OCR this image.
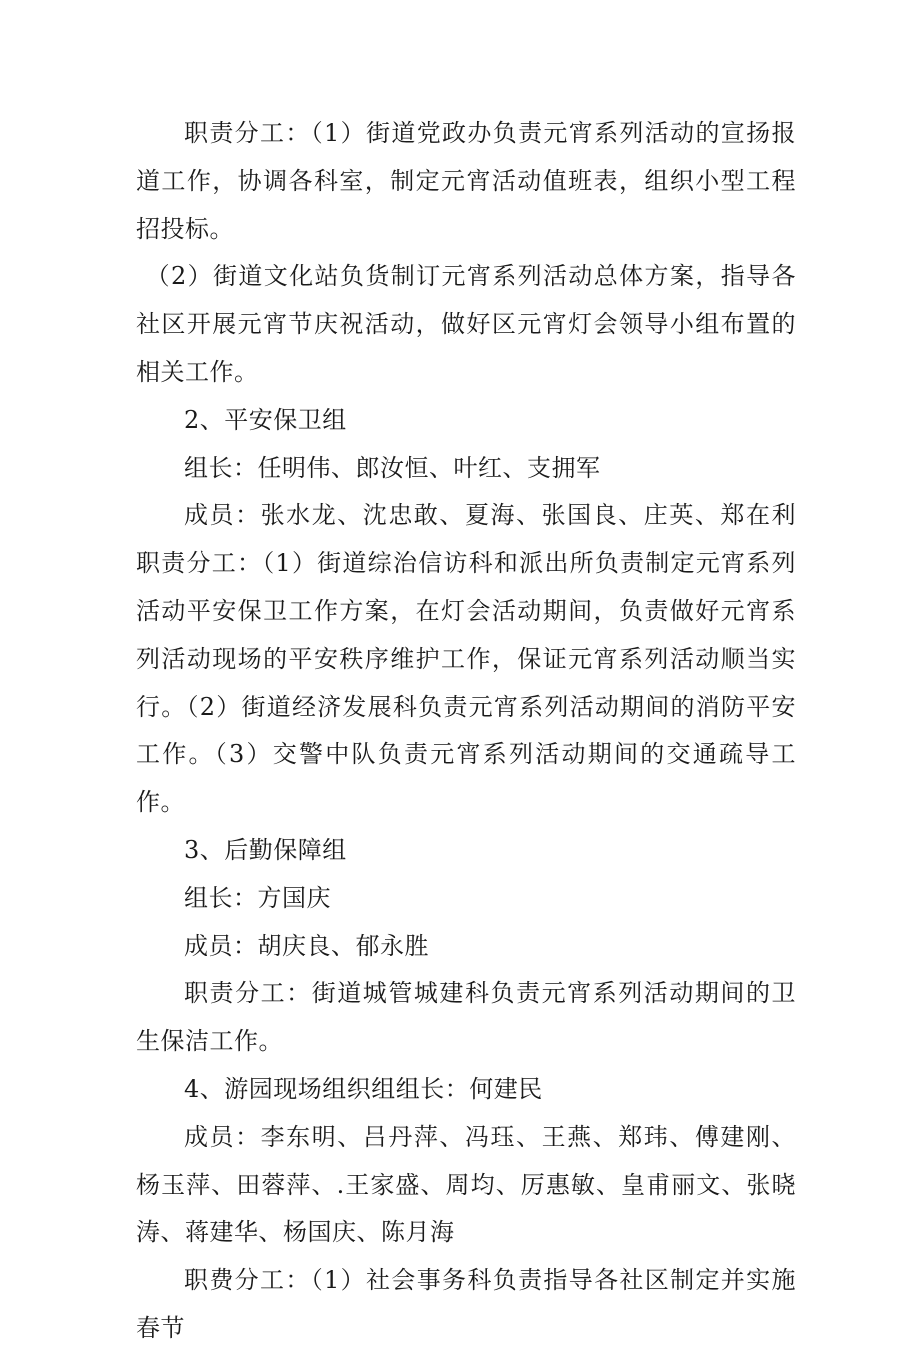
职责分工：（1）街道党政办负责元宵系列活动的宣扬报道工作，协调各科室，制定元宵活动值班表，组织小型工程招投标。

（2）街道文化站负货制订元宵系列活动总体方案，指导各社区开展元宵节庆祝活动，做好区元宵灯会领导小组布置的相关工作。

2、平安保卫组

组长：任明伟、郎汝恒、叶红、支拥军

成员：张水龙、沈忠敢、夏海、张国良、庄英、郑在利职责分工：（1）街道综治信访科和派出所负责制定元宵系列活动平安保卫工作方案，在灯会活动期间，负责做好元宵系列活动现场的平安秩序维护工作，保证元宵系列活动顺当实行。（2）街道经济发展科负责元宵系列活动期间的消防平安工作。（3）交警中队负责元宵系列活动期间的交通疏导工作。

3、后勤保障组

组长：方国庆

成员：胡庆良、郁永胜

职责分工：街道城管城建科负责元宵系列活动期间的卫生保洁工作。

4、游园现场组织组组长：何建民

成员：李东明、吕丹萍、冯珏、王燕、郑玮、傅建刚、杨玉萍、田蓉萍、.王家盛、周均、厉惠敏、皇甫丽文、张晓涛、蒋建华、杨国庆、陈月海

职费分工：（1）社会事务科负责指导各社区制定并实施春节
